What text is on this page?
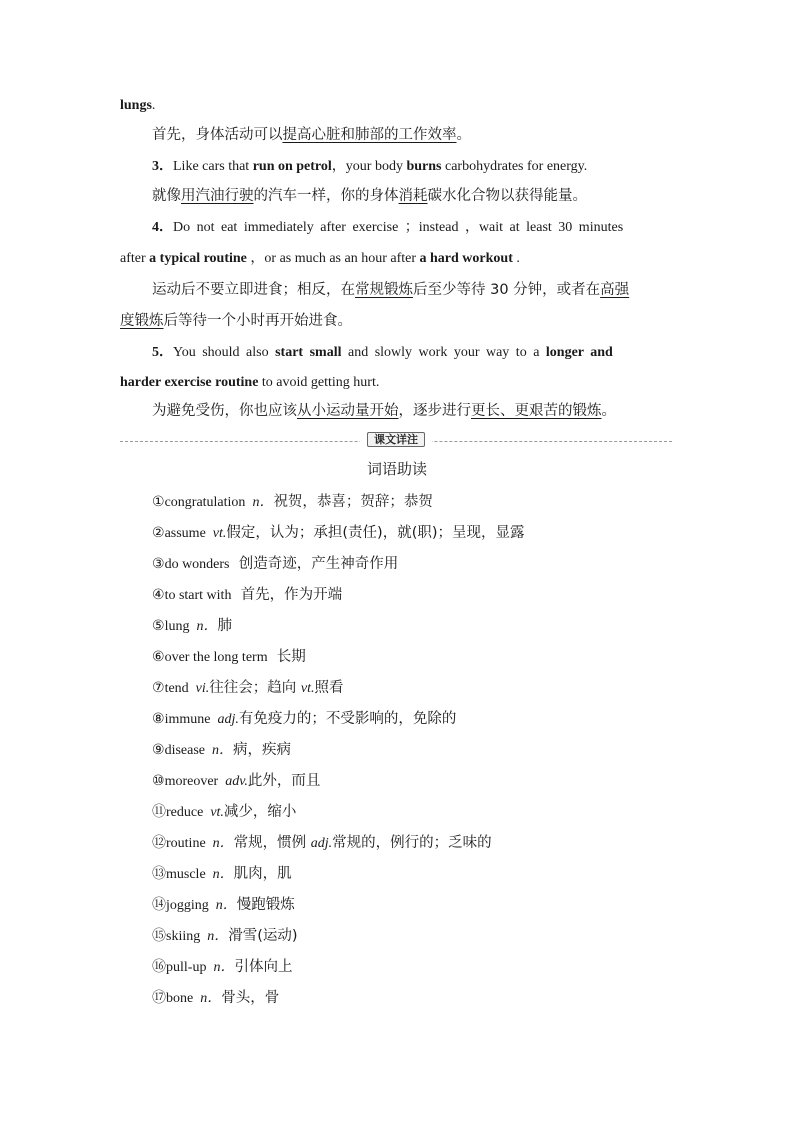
lungs.
首先，身体活动可以提高心脏和肺部的工作效率。
3．Like cars that run on petrol，your body burns carbohydrates for energy.
就像用汽油行驶的汽车一样，你的身体消耗碳水化合物以获得能量。
4．Do not eat immediately after exercise ；instead ，wait at least 30 minutes
after a typical routine ，or as much as an hour after a hard workout .
运动后不要立即进食；相反，在常规锻炼后至少等待 30 分钟，或者在高强
度锻炼后等待一个小时再开始进食。
5．You should also start small and slowly work your way to a longer and
harder exercise routine to avoid getting hurt.
为避免受伤，你也应该从小运动量开始，逐步进行更长、更艰苦的锻炼。
课文详注
词语助读
①congratulation  n．祝贺，恭喜；贺辞；恭贺
②assume  vt.假定，认为；承担(责任)，就(职)；呈现，显露
③do wonders  创造奇迹，产生神奇作用
④to start with  首先，作为开端
⑤lung  n．肺
⑥over the long term  长期
⑦tend  vi.往往会；趋向 vt.照看
⑧immune  adj.有免疫力的；不受影响的，免除的
⑨disease  n．病，疾病
⑩moreover  adv.此外，而且
⑪reduce  vt.减少，缩小
⑫routine  n．常规，惯例 adj.常规的，例行的；乏味的
⑬muscle  n．肌肉，肌
⑭jogging  n．慢跑锻炼
⑮skiing  n．滑雪(运动)
⑯pull-up  n．引体向上
⑰bone  n．骨头，骨
